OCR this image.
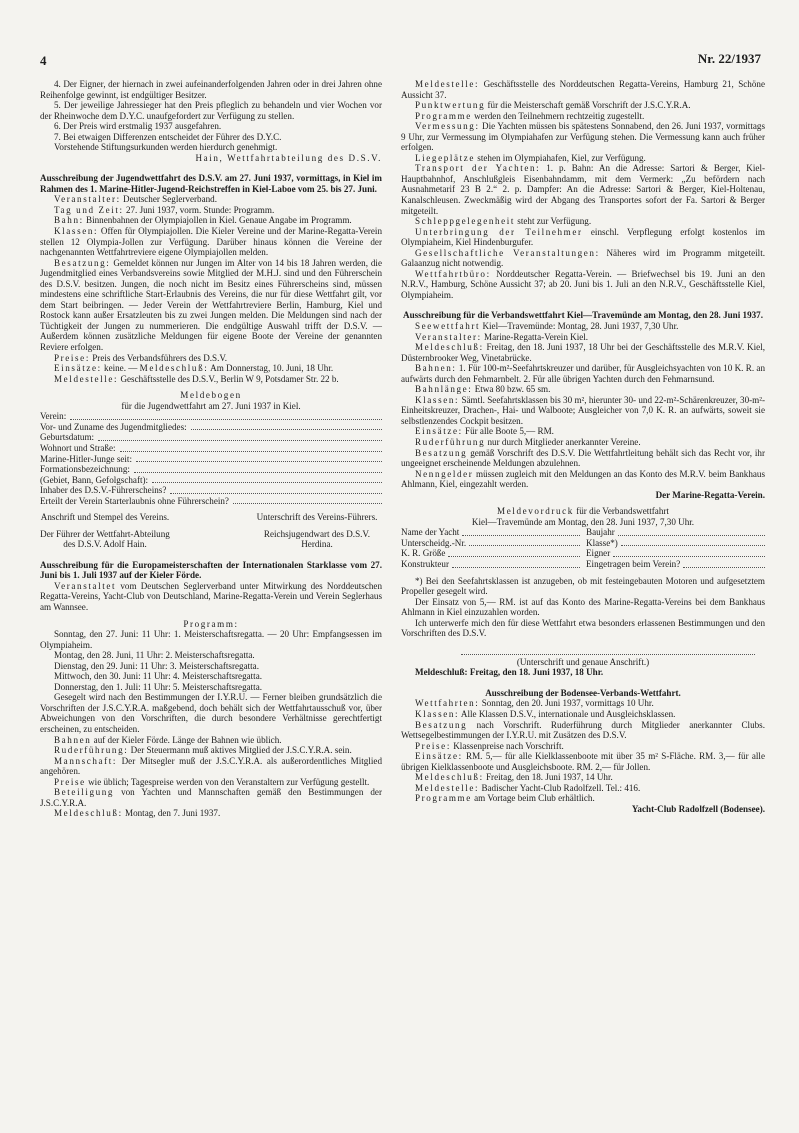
4	Nr. 22/1937

4. Der Eigner, der hiernach in zwei aufeinanderfolgenden Jahren oder in drei Jahren ohne Reihenfolge gewinnt, ist endgültiger Besitzer.

5. Der jeweilige Jahressieger hat den Preis pfleglich zu behandeln und vier Wochen vor der Rheinwoche dem D.Y.C. unaufgefordert zur Verfügung zu stellen.

6. Der Preis wird erstmalig 1937 ausgefahren.

7. Bei etwaigen Differenzen entscheidet der Führer des D.Y.C.

Vorstehende Stiftungsurkunden werden hierdurch genehmigt.

Hain, Wettfahrtabteilung des D.S.V.

Ausschreibung der Jugendwettfahrt des D.S.V. am 27. Juni 1937, vormittags, in Kiel im Rahmen des 1. Marine-Hitler-Jugend-Reichstreffen in Kiel-Laboe vom 25. bis 27. Juni.

Veranstalter: Deutscher Seglerverband.

Tag und Zeit: 27. Juni 1937, vorm. Stunde: Programm.

Bahn: Binnenbahnen der Olympiajollen in Kiel. Genaue Angabe im Programm.

Klassen: Offen für Olympiajollen. Die Kieler Vereine und der Marine-Regatta-Verein stellen 12 Olympia-Jollen zur Verfügung. Darüber hinaus können die Vereine der nachgenannten Wettfahrtreviere eigene Olympiajollen melden.

Besatzung: Gemeldet können nur Jungen im Alter von 14 bis 18 Jahren werden, die Jugendmitglied eines Verbandsvereins sowie Mitglied der M.H.J. sind und den Führerschein des D.S.V. besitzen. Jungen, die noch nicht im Besitz eines Führerscheins sind, müssen mindestens eine schriftliche Start-Erlaubnis des Vereins, die nur für diese Wettfahrt gilt, vor dem Start beibringen. — Jeder Verein der Wettfahrtreviere Berlin, Hamburg, Kiel und Rostock kann außer Ersatzleuten bis zu zwei Jungen melden. Die Meldungen sind nach der Tüchtigkeit der Jungen zu nummerieren. Die endgültige Auswahl trifft der D.S.V. — Außerdem können zusätzliche Meldungen für eigene Boote der Vereine der genannten Reviere erfolgen.

Preise: Preis des Verbandsführers des D.S.V.

Einsätze: keine. — Meldeschluß: Am Donnerstag, 10. Juni, 18 Uhr.

Meldestelle: Geschäftsstelle des D.S.V., Berlin W 9, Potsdamer Str. 22 b.

Meldebogen

für die Jugendwettfahrt am 27. Juni 1937 in Kiel.

Verein:
Vor- und Zuname des Jugendmitgliedes:
Geburtsdatum:
Wohnort und Straße:
Marine-Hitler-Junge seit:
Formationsbezeichnung:
(Gebiet, Bann, Gefolgschaft):
Inhaber des D.S.V.-Führerscheins?
Erteilt der Verein Starterlaubnis ohne Führerschein?
Anschrift und Stempel des Vereins.	Unterschrift des Vereins-Führers.
Der Führer der Wettfahrt-Abteilung des D.S.V. Adolf Hain.
Reichsjugendwart des D.S.V. Herdina.

Ausschreibung für die Europameisterschaften der Internationalen Starklasse vom 27. Juni bis 1. Juli 1937 auf der Kieler Förde.

Veranstaltet vom Deutschen Seglerverband unter Mitwirkung des Norddeutschen Regatta-Vereins, Yacht-Club von Deutschland, Marine-Regatta-Verein und Verein Seglerhaus am Wannsee.

Programm:

Sonntag, den 27. Juni: 11 Uhr: 1. Meisterschaftsregatta. — 20 Uhr: Empfangsessen im Olympiaheim.

Montag, den 28. Juni, 11 Uhr: 2. Meisterschaftsregatta.

Dienstag, den 29. Juni: 11 Uhr: 3. Meisterschaftsregatta.

Mittwoch, den 30. Juni: 11 Uhr: 4. Meisterschaftsregatta.

Donnerstag, den 1. Juli: 11 Uhr: 5. Meisterschaftsregatta.

Gesegelt wird nach den Bestimmungen der I.Y.R.U. — Ferner bleiben grundsätzlich die Vorschriften der J.S.C.Y.R.A. maßgebend, doch behält sich der Wettfahrtausschuß vor, über Abweichungen von den Vorschriften, die durch besondere Verhältnisse gerechtfertigt erscheinen, zu entscheiden.

Bahnen auf der Kieler Förde. Länge der Bahnen wie üblich.

Ruderführung: Der Steuermann muß aktives Mitglied der J.S.C.Y.R.A. sein.

Mannschaft: Der Mitsegler muß der J.S.C.Y.R.A. als außerordentliches Mitglied angehören.

Preise wie üblich; Tagespreise werden von den Veranstaltern zur Verfügung gestellt.

Beteiligung von Yachten und Mannschaften gemäß den Bestimmungen der J.S.C.Y.R.A.

Meldeschluß: Montag, den 7. Juni 1937.

Meldestelle: Geschäftsstelle des Norddeutschen Regatta-Vereins, Hamburg 21, Schöne Aussicht 37.

Punktwertung für die Meisterschaft gemäß Vorschrift der J.S.C.Y.R.A.

Programme werden den Teilnehmern rechtzeitig zugestellt.

Vermessung: Die Yachten müssen bis spätestens Sonnabend, den 26. Juni 1937, vormittags 9 Uhr, zur Vermessung im Olympiahafen zur Verfügung stehen. Die Vermessung kann auch früher erfolgen.

Liegeplätze stehen im Olympiahafen, Kiel, zur Verfügung.

Transport der Yachten: 1. p. Bahn: An die Adresse: Sartori & Berger, Kiel-Hauptbahnhof, Anschlußgleis Eisenbahndamm, mit dem Vermerk: „Zu befördern nach Ausnahmetarif 23 B 2.“ 2. p. Dampfer: An die Adresse: Sartori & Berger, Kiel-Holtenau, Kanalschleusen. Zweckmäßig wird der Abgang des Transportes sofort der Fa. Sartori & Berger mitgeteilt.

Schleppgelegenheit steht zur Verfügung.

Unterbringung der Teilnehmer einschl. Verpflegung erfolgt kostenlos im Olympiaheim, Kiel Hindenburgufer.

Gesellschaftliche Veranstaltungen: Näheres wird im Programm mitgeteilt. Galaanzug nicht notwendig.

Wettfahrtbüro: Norddeutscher Regatta-Verein. — Briefwechsel bis 19. Juni an den N.R.V., Hamburg, Schöne Aussicht 37; ab 20. Juni bis 1. Juli an den N.R.V., Geschäftsstelle Kiel, Olympiaheim.

Ausschreibung für die Verbandswettfahrt Kiel—Travemünde am Montag, den 28. Juni 1937.

Seewettfahrt Kiel—Travemünde: Montag, 28. Juni 1937, 7,30 Uhr.

Veranstalter: Marine-Regatta-Verein Kiel.

Meldeschluß: Freitag, den 18. Juni 1937, 18 Uhr bei der Geschäftsstelle des M.R.V. Kiel, Düsternbrooker Weg, Vinetabrücke.

Bahnen: 1. Für 100-m²-Seefahrtskreuzer und darüber, für Ausgleichsyachten von 10 K. R. an aufwärts durch den Fehmarnbelt. 2. Für alle übrigen Yachten durch den Fehmarnsund.

Bahnlänge: Etwa 80 bzw. 65 sm.

Klassen: Sämtl. Seefahrtsklassen bis 30 m², hierunter 30- und 22-m²-Schärenkreuzer, 30-m²-Einheitskreuzer, Drachen-, Hai- und Walboote; Ausgleicher von 7,0 K. R. an aufwärts, soweit sie selbstlenzendes Cockpit besitzen.

Einsätze: Für alle Boote 5,— RM.

Ruderführung nur durch Mitglieder anerkannter Vereine.

Besatzung gemäß Vorschrift des D.S.V. Die Wettfahrtleitung behält sich das Recht vor, ihr ungeeignet erscheinende Meldungen abzulehnen.

Nenngelder müssen zugleich mit den Meldungen an das Konto des M.R.V. beim Bankhaus Ahlmann, Kiel, eingezahlt werden.

Der Marine-Regatta-Verein.

Meldevordruck für die Verbandswettfahrt

Kiel—Travemünde am Montag, den 28. Juni 1937, 7,30 Uhr.

Name der Yacht	Baujahr
Unterscheidg.-Nr.	Klasse*)
K. R. Größe	Eigner
Konstrukteur	Eingetragen beim Verein?

*) Bei den Seefahrtsklassen ist anzugeben, ob mit festeingebauten Motoren und aufgesetztem Propeller gesegelt wird.

Der Einsatz von 5,— RM. ist auf das Konto des Marine-Regatta-Vereins bei dem Bankhaus Ahlmann in Kiel einzuzahlen worden.

Ich unterwerfe mich den für diese Wettfahrt etwa besonders erlassenen Bestimmungen und den Vorschriften des D.S.V.

(Unterschrift und genaue Anschrift.)

Meldeschluß: Freitag, den 18. Juni 1937, 18 Uhr.

Ausschreibung der Bodensee-Verbands-Wettfahrt.

Wettfahrten: Sonntag, den 20. Juni 1937, vormittags 10 Uhr.

Klassen: Alle Klassen D.S.V., internationale und Ausgleichsklassen.

Besatzung nach Vorschrift. Ruderführung durch Mitglieder anerkannter Clubs. Wettsegelbestimmungen der I.Y.R.U. mit Zusätzen des D.S.V.

Preise: Klassenpreise nach Vorschrift.

Einsätze: RM. 5,— für alle Kielklassenboote mit über 35 m² S-Fläche. RM. 3,— für alle übrigen Kielklassenboote und Ausgleichsboote. RM. 2,— für Jollen.

Meldeschluß: Freitag, den 18. Juni 1937, 14 Uhr.

Meldestelle: Badischer Yacht-Club Radolfzell. Tel.: 416.

Programme am Vortage beim Club erhältlich.

Yacht-Club Radolfzell (Bodensee).
